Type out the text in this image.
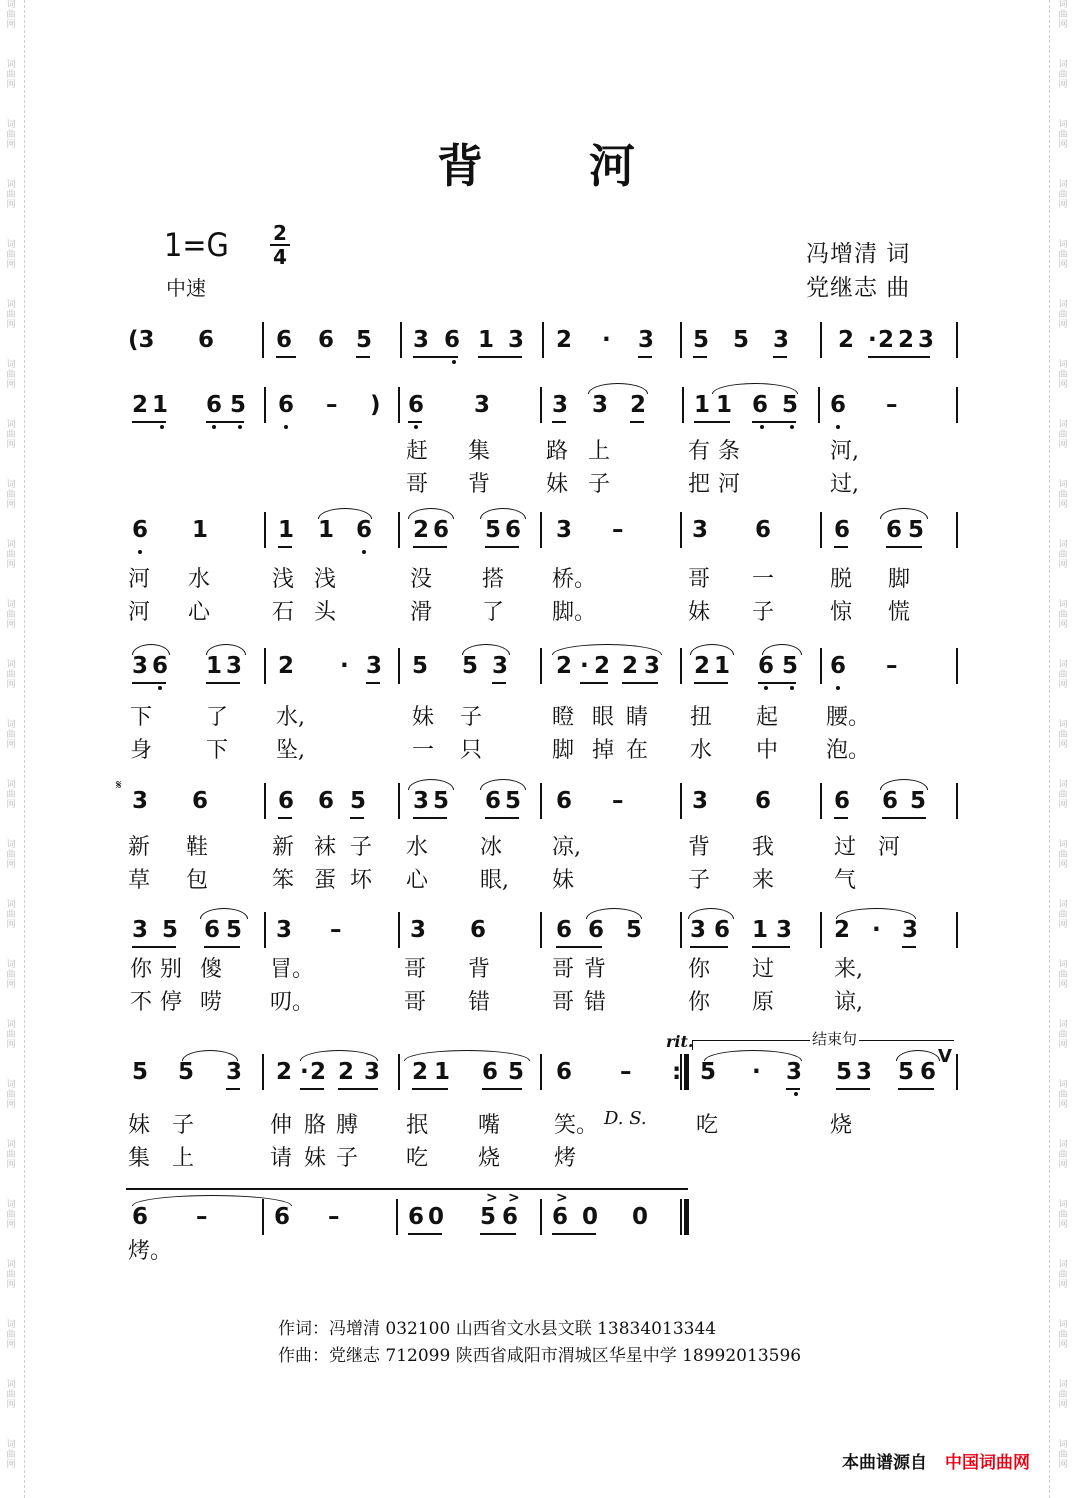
词
曲
网
词
曲
网
词
曲
网
词
曲
网
词
曲
网
词
曲
网
词
曲
网
词
曲
网
词
曲
网
词
曲
网
词
曲
网
词
曲
网
词
曲
网
词
曲
网
词
曲
网
词
曲
网
词
曲
网
词
曲
网
词
曲
网
词
曲
网
词
曲
网
词
曲
网
词
曲
网
词
曲
网
词
曲
网
词
曲
网
词
曲
网
词
曲
网
词
曲
网
词
曲
网
词
曲
网
词
曲
网
词
曲
网
词
曲
网
词
曲
网
词
曲
网
词
曲
网
词
曲
网
词
曲
网
词
曲
网
词
曲
网
词
曲
网
词
曲
网
词
曲
网
词
曲
网
词
曲
网
词
曲
网
词
曲
网
词
曲
网
词
曲
网
背 河
1=G 2
4
中速
冯增清 词
党继志 曲
(3 6	6 6 5 3 6 1 3 2 · 3 5 5 3 2 · 2 2 3
2 1 6 5 6 – ) 6 3	3 3 2 1 1 6 5 6 –
6 1	1 1 6 2 6 5 6 3 –	3 6	6 6 5
3 6 1 3 2 · 3 5 5 3 2 · 2 2 3 2 1 6 5 6 –
3 6	6 6 5 3 5 6 5 6 –	3 6	6 6 5
3 5 6 5 3 –	3 6	6 6 5 3 6 1 3 2 · 3
5 5 3 2 · 2 2 3 2 1 6 5 6 – : 5 · 3 5 3 5 6
6 –	6 –	6 0 5 6 6 0 0
𝄋
rit.	结束句
D. S.
V
> >	>
作词：冯增清 032100 山西省文水县文联 13834013344
作曲：党继志 712099 陕西省咸阳市渭城区华星中学 18992013596
本曲谱源自 中国词曲网
赶 集	路 上	有 条	河,
哥 背	妹 子	把 河	过,
河 水	浅 浅	没 搭 桥。	哥 一	脱 脚
河 心	石 头	滑 了 脚。	妹 子	惊 慌
下 了 水,	妹 子	瞪 眼 睛 扭 起 腰。
身 下 坠,	一 只	脚 掉 在 水 中 泡。
新 鞋	新 袜 子 水 冰 凉,	背 我	过 河
草 包	笨 蛋 坏 心 眼, 妹	子 来	气
你 别 傻 冒。	哥 背	哥 背	你 过	来,
不 停 唠 叨。	哥 错	哥 错	你 原	谅,
妹 子	伸 胳 膊 抿 嘴 笑。	吃	烧
集 上	请 妹 子 吃 烧 烤
烤。
